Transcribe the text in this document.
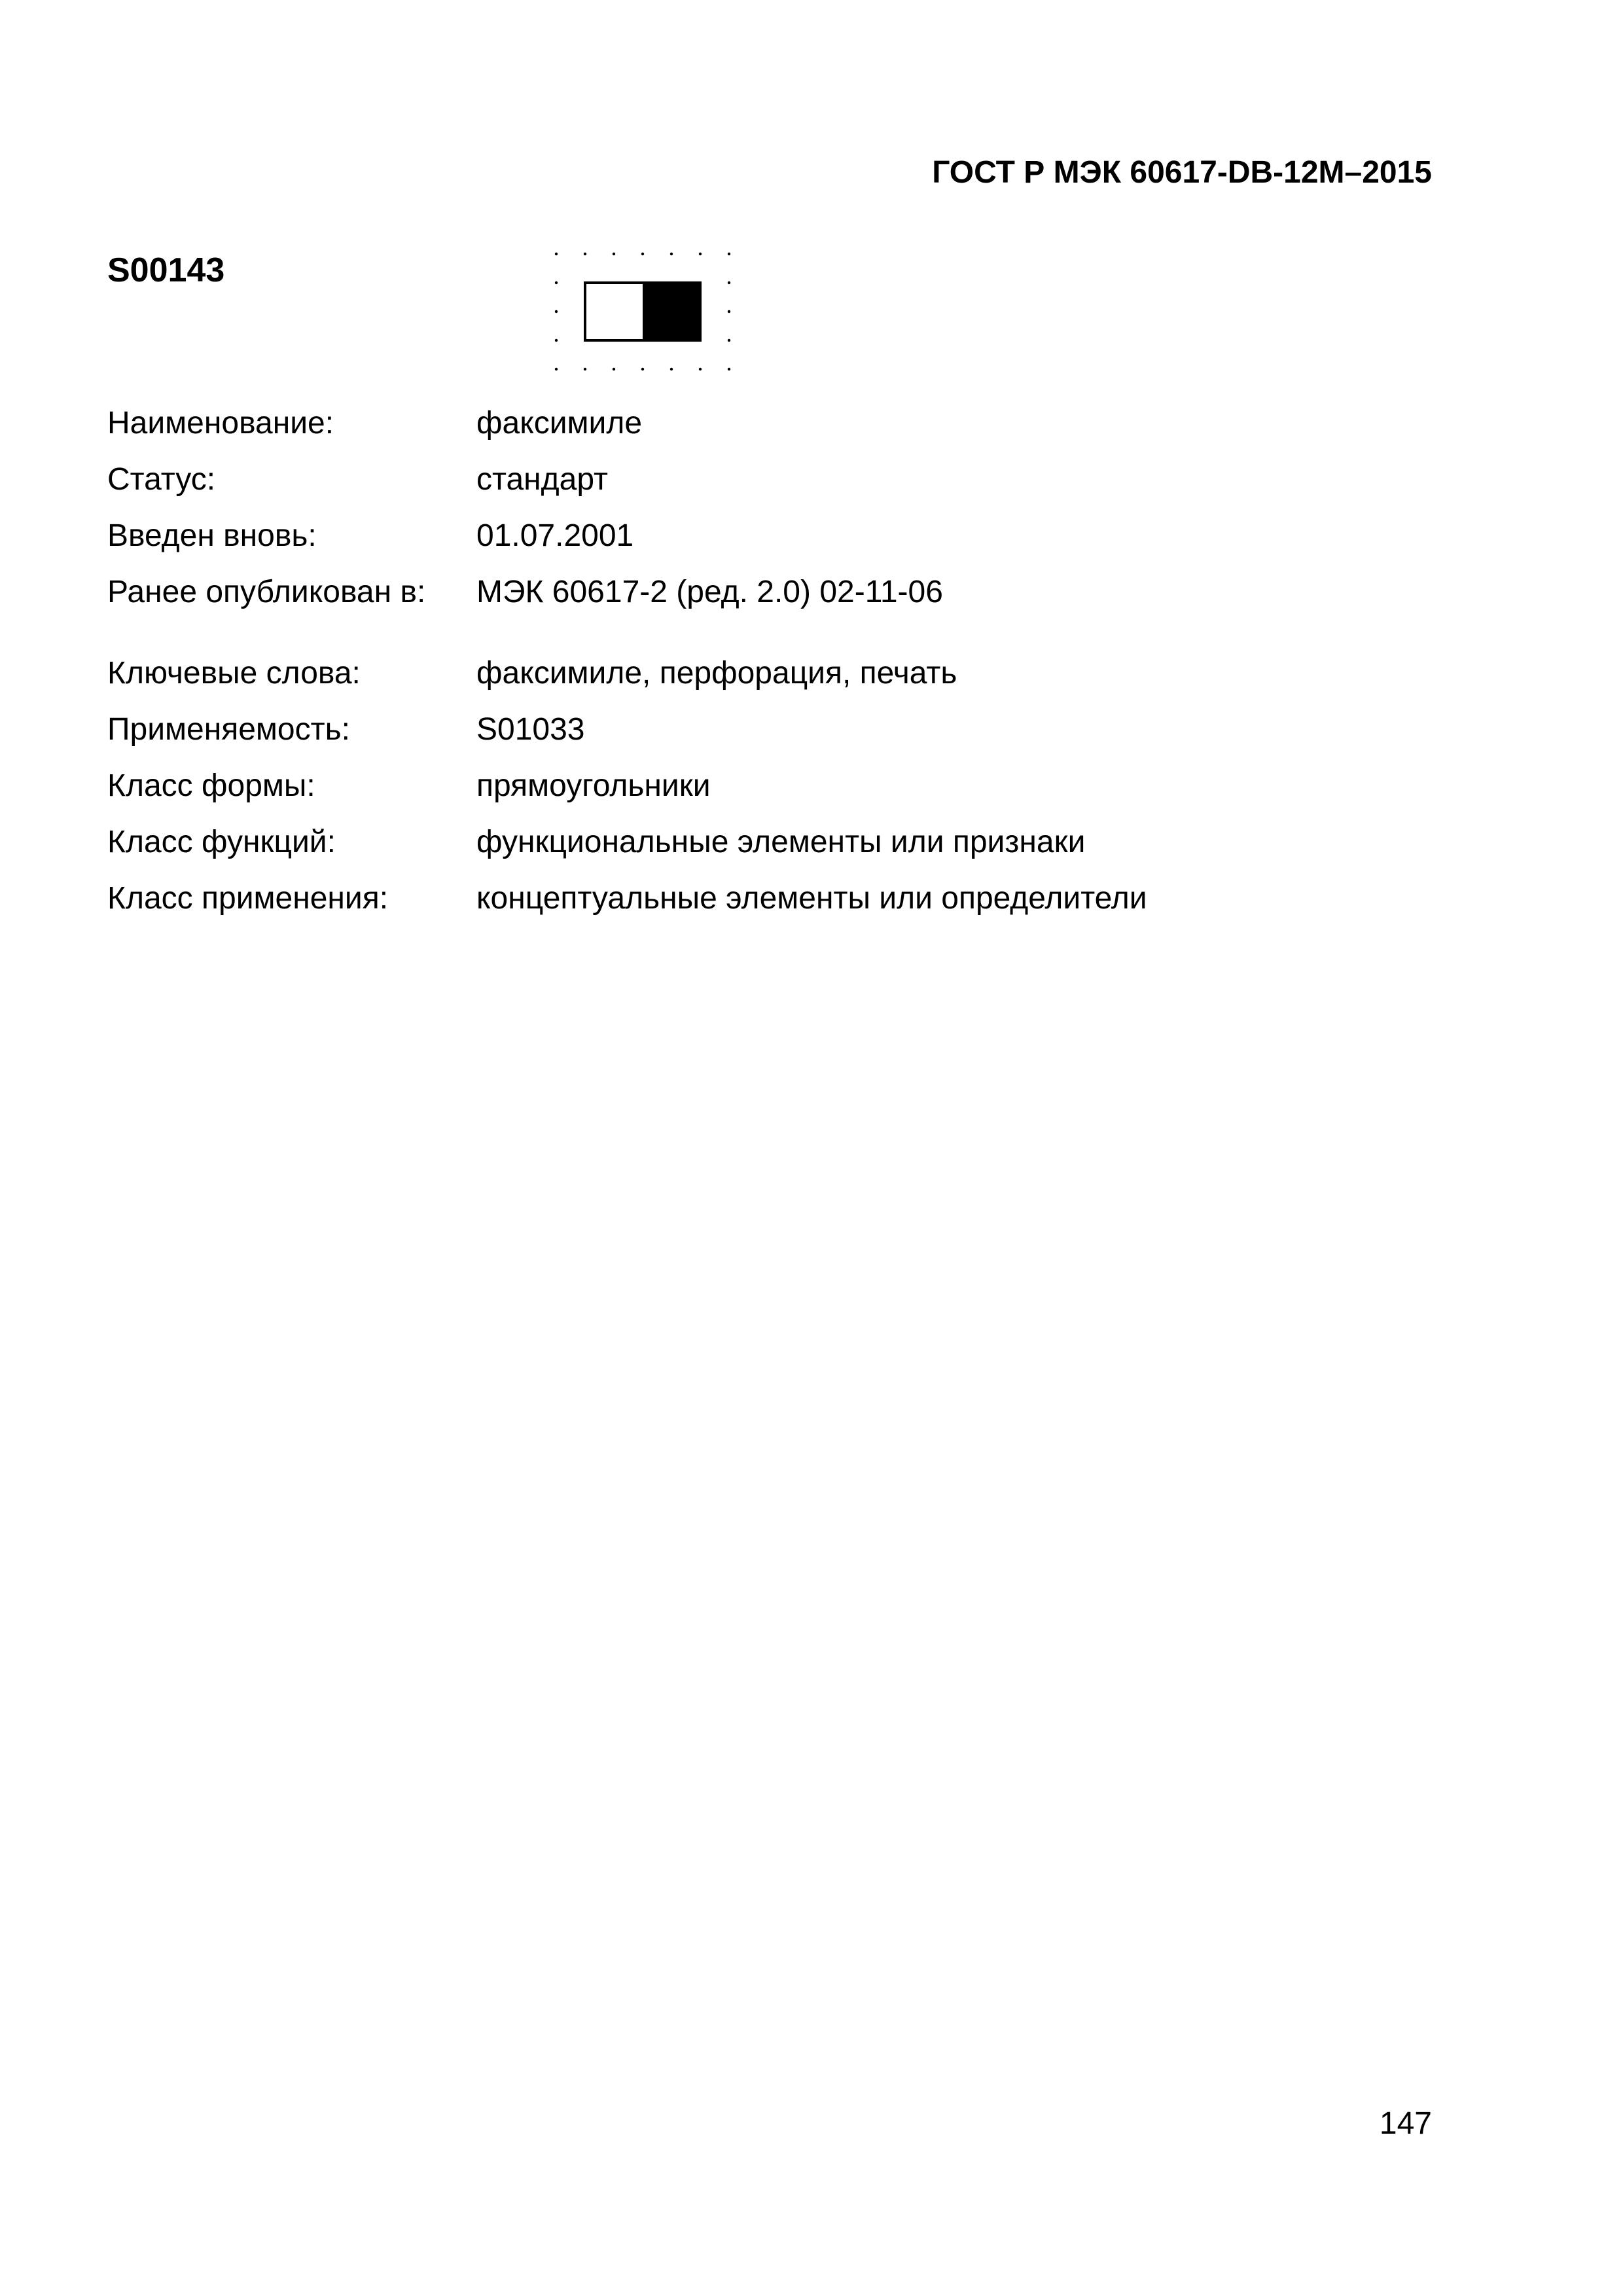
ГОСТ Р МЭК 60617-DB-12М–2015
S00143
Наименование:	факсимиле
Статус:	стандарт
Введен вновь:	01.07.2001
Ранее опубликован в: МЭК 60617-2 (ред. 2.0) 02-11-06
Ключевые слова:	факсимиле, перфорация, печать
Применяемость:	S01033
Класс формы:	прямоугольники
Класс функций:	функциональные элементы или признаки
Класс применения:	концептуальные элементы или определители
147
